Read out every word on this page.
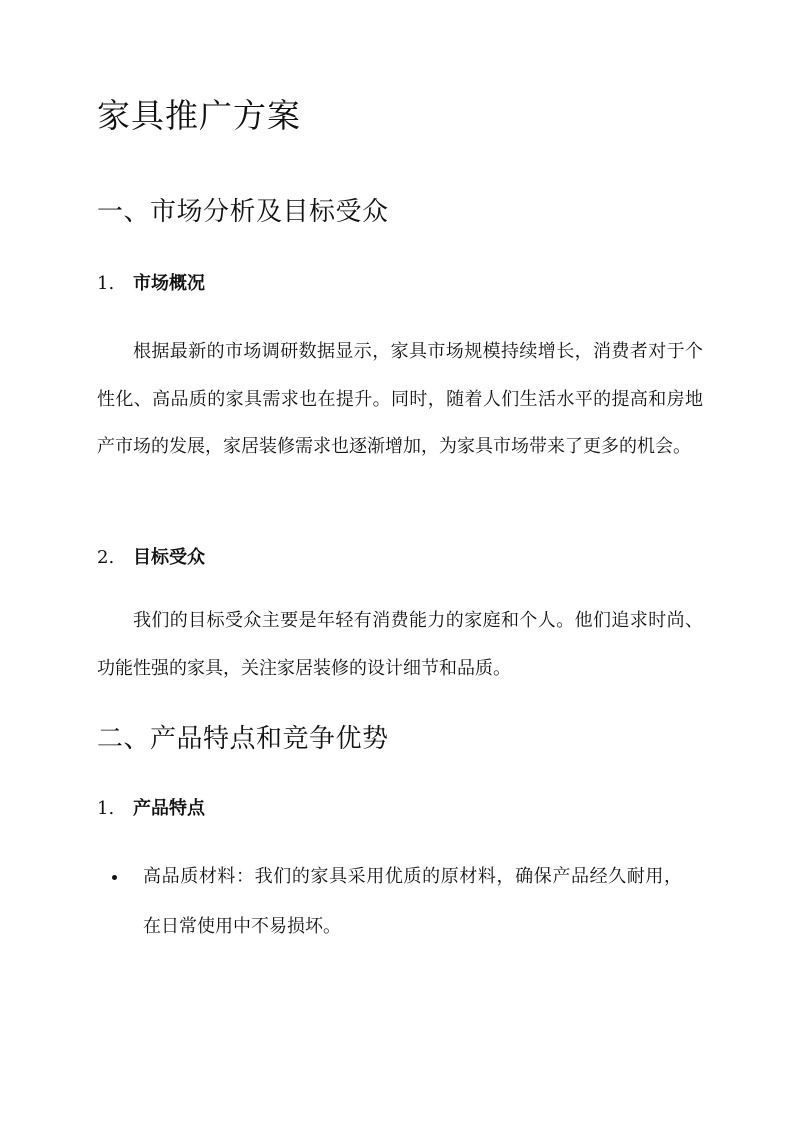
家具推广方案
一、市场分析及目标受众
1. 市场概况

根据最新的市场调研数据显示，家具市场规模持续增长，消费者对于个性化、高品质的家具需求也在提升。同时，随着人们生活水平的提高和房地产市场的发展，家居装修需求也逐渐增加，为家具市场带来了更多的机会。

2. 目标受众

我们的目标受众主要是年轻有消费能力的家庭和个人。他们追求时尚、功能性强的家具，关注家居装修的设计细节和品质。

二、产品特点和竞争优势
1. 产品特点
高品质材料：我们的家具采用优质的原材料，确保产品经久耐用，在日常使用中不易损坏。
